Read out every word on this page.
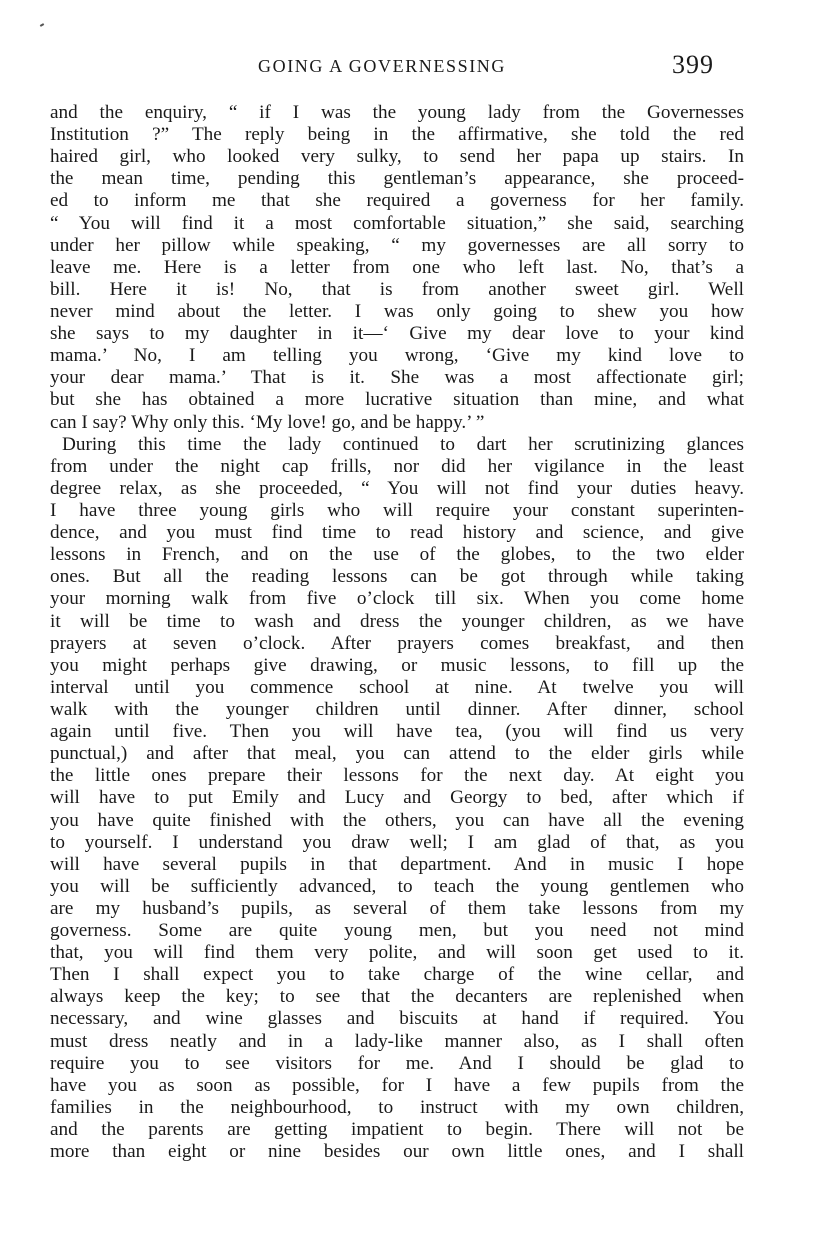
GOING A GOVERNESSING	399
and the enquiry, “ if I was the young lady from the Governesses
Institution ?” The reply being in the affirmative, she told the red
haired girl, who looked very sulky, to send her papa up stairs. In
the mean time, pending this gentleman’s appearance, she proceed-
ed to inform me that she required a governess for her family.
“ You will find it a most comfortable situation,” she said, searching
under her pillow while speaking, “ my governesses are all sorry to
leave me. Here is a letter from one who left last. No, that’s a
bill. Here it is! No, that is from another sweet girl. Well
never mind about the letter. I was only going to shew you how
she says to my daughter in it—‘ Give my dear love to your kind
mama.’ No, I am telling you wrong, ‘Give my kind love to
your dear mama.’ That is it. She was a most affectionate girl;
but she has obtained a more lucrative situation than mine, and what
can I say? Why only this. ‘My love! go, and be happy.’ ”
During this time the lady continued to dart her scrutinizing glances
from under the night cap frills, nor did her vigilance in the least
degree relax, as she proceeded, “ You will not find your duties heavy.
I have three young girls who will require your constant superinten-
dence, and you must find time to read history and science, and give
lessons in French, and on the use of the globes, to the two elder
ones. But all the reading lessons can be got through while taking
your morning walk from five o’clock till six. When you come home
it will be time to wash and dress the younger children, as we have
prayers at seven o’clock. After prayers comes breakfast, and then
you might perhaps give drawing, or music lessons, to fill up the
interval until you commence school at nine. At twelve you will
walk with the younger children until dinner. After dinner, school
again until five. Then you will have tea, (you will find us very
punctual,) and after that meal, you can attend to the elder girls while
the little ones prepare their lessons for the next day. At eight you
will have to put Emily and Lucy and Georgy to bed, after which if
you have quite finished with the others, you can have all the evening
to yourself. I understand you draw well; I am glad of that, as you
will have several pupils in that department. And in music I hope
you will be sufficiently advanced, to teach the young gentlemen who
are my husband’s pupils, as several of them take lessons from my
governess. Some are quite young men, but you need not mind
that, you will find them very polite, and will soon get used to it.
Then I shall expect you to take charge of the wine cellar, and
always keep the key; to see that the decanters are replenished when
necessary, and wine glasses and biscuits at hand if required. You
must dress neatly and in a lady-like manner also, as I shall often
require you to see visitors for me. And I should be glad to
have you as soon as possible, for I have a few pupils from the
families in the neighbourhood, to instruct with my own children,
and the parents are getting impatient to begin. There will not be
more than eight or nine besides our own little ones, and I shall
